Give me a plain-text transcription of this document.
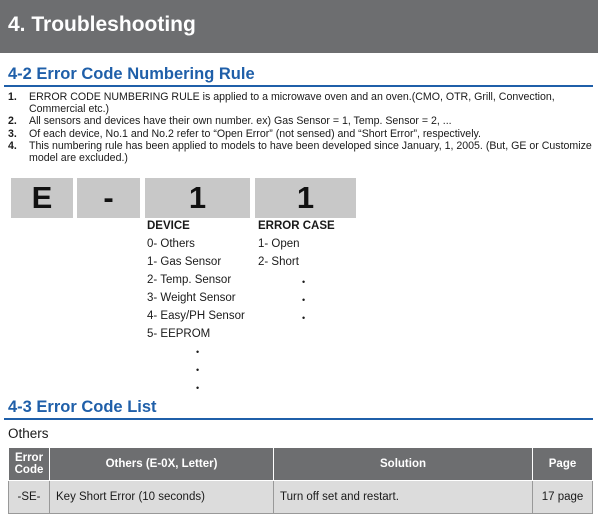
4. Troubleshooting
4-2 Error Code Numbering Rule
1.	ERROR CODE NUMBERING RULE is applied to a microwave oven and an oven.(CMO, OTR, Grill, Convection, Commercial etc.)
2.	All sensors and devices have their own number. ex) Gas Sensor = 1, Temp. Sensor = 2, ...
3.	Of each device, No.1 and No.2 refer to “Open Error” (not sensed) and “Short Error”, respectively.
4.	This numbering rule has been applied to models to have been developed since January, 1, 2005. (But, GE or Customize model are excluded.)
E	-	1	1
DEVICE
0- Others
1- Gas Sensor
2- Temp. Sensor
3- Weight Sensor
4- Easy/PH Sensor
5- EEPROM
•
•
•
ERROR CASE
1- Open
2- Short
•
•
•
4-3 Error Code List
Others
Error Code	Others (E-0X, Letter)	Solution	Page
-SE-	Key Short Error (10 seconds)	Turn off set and restart.	17 page
